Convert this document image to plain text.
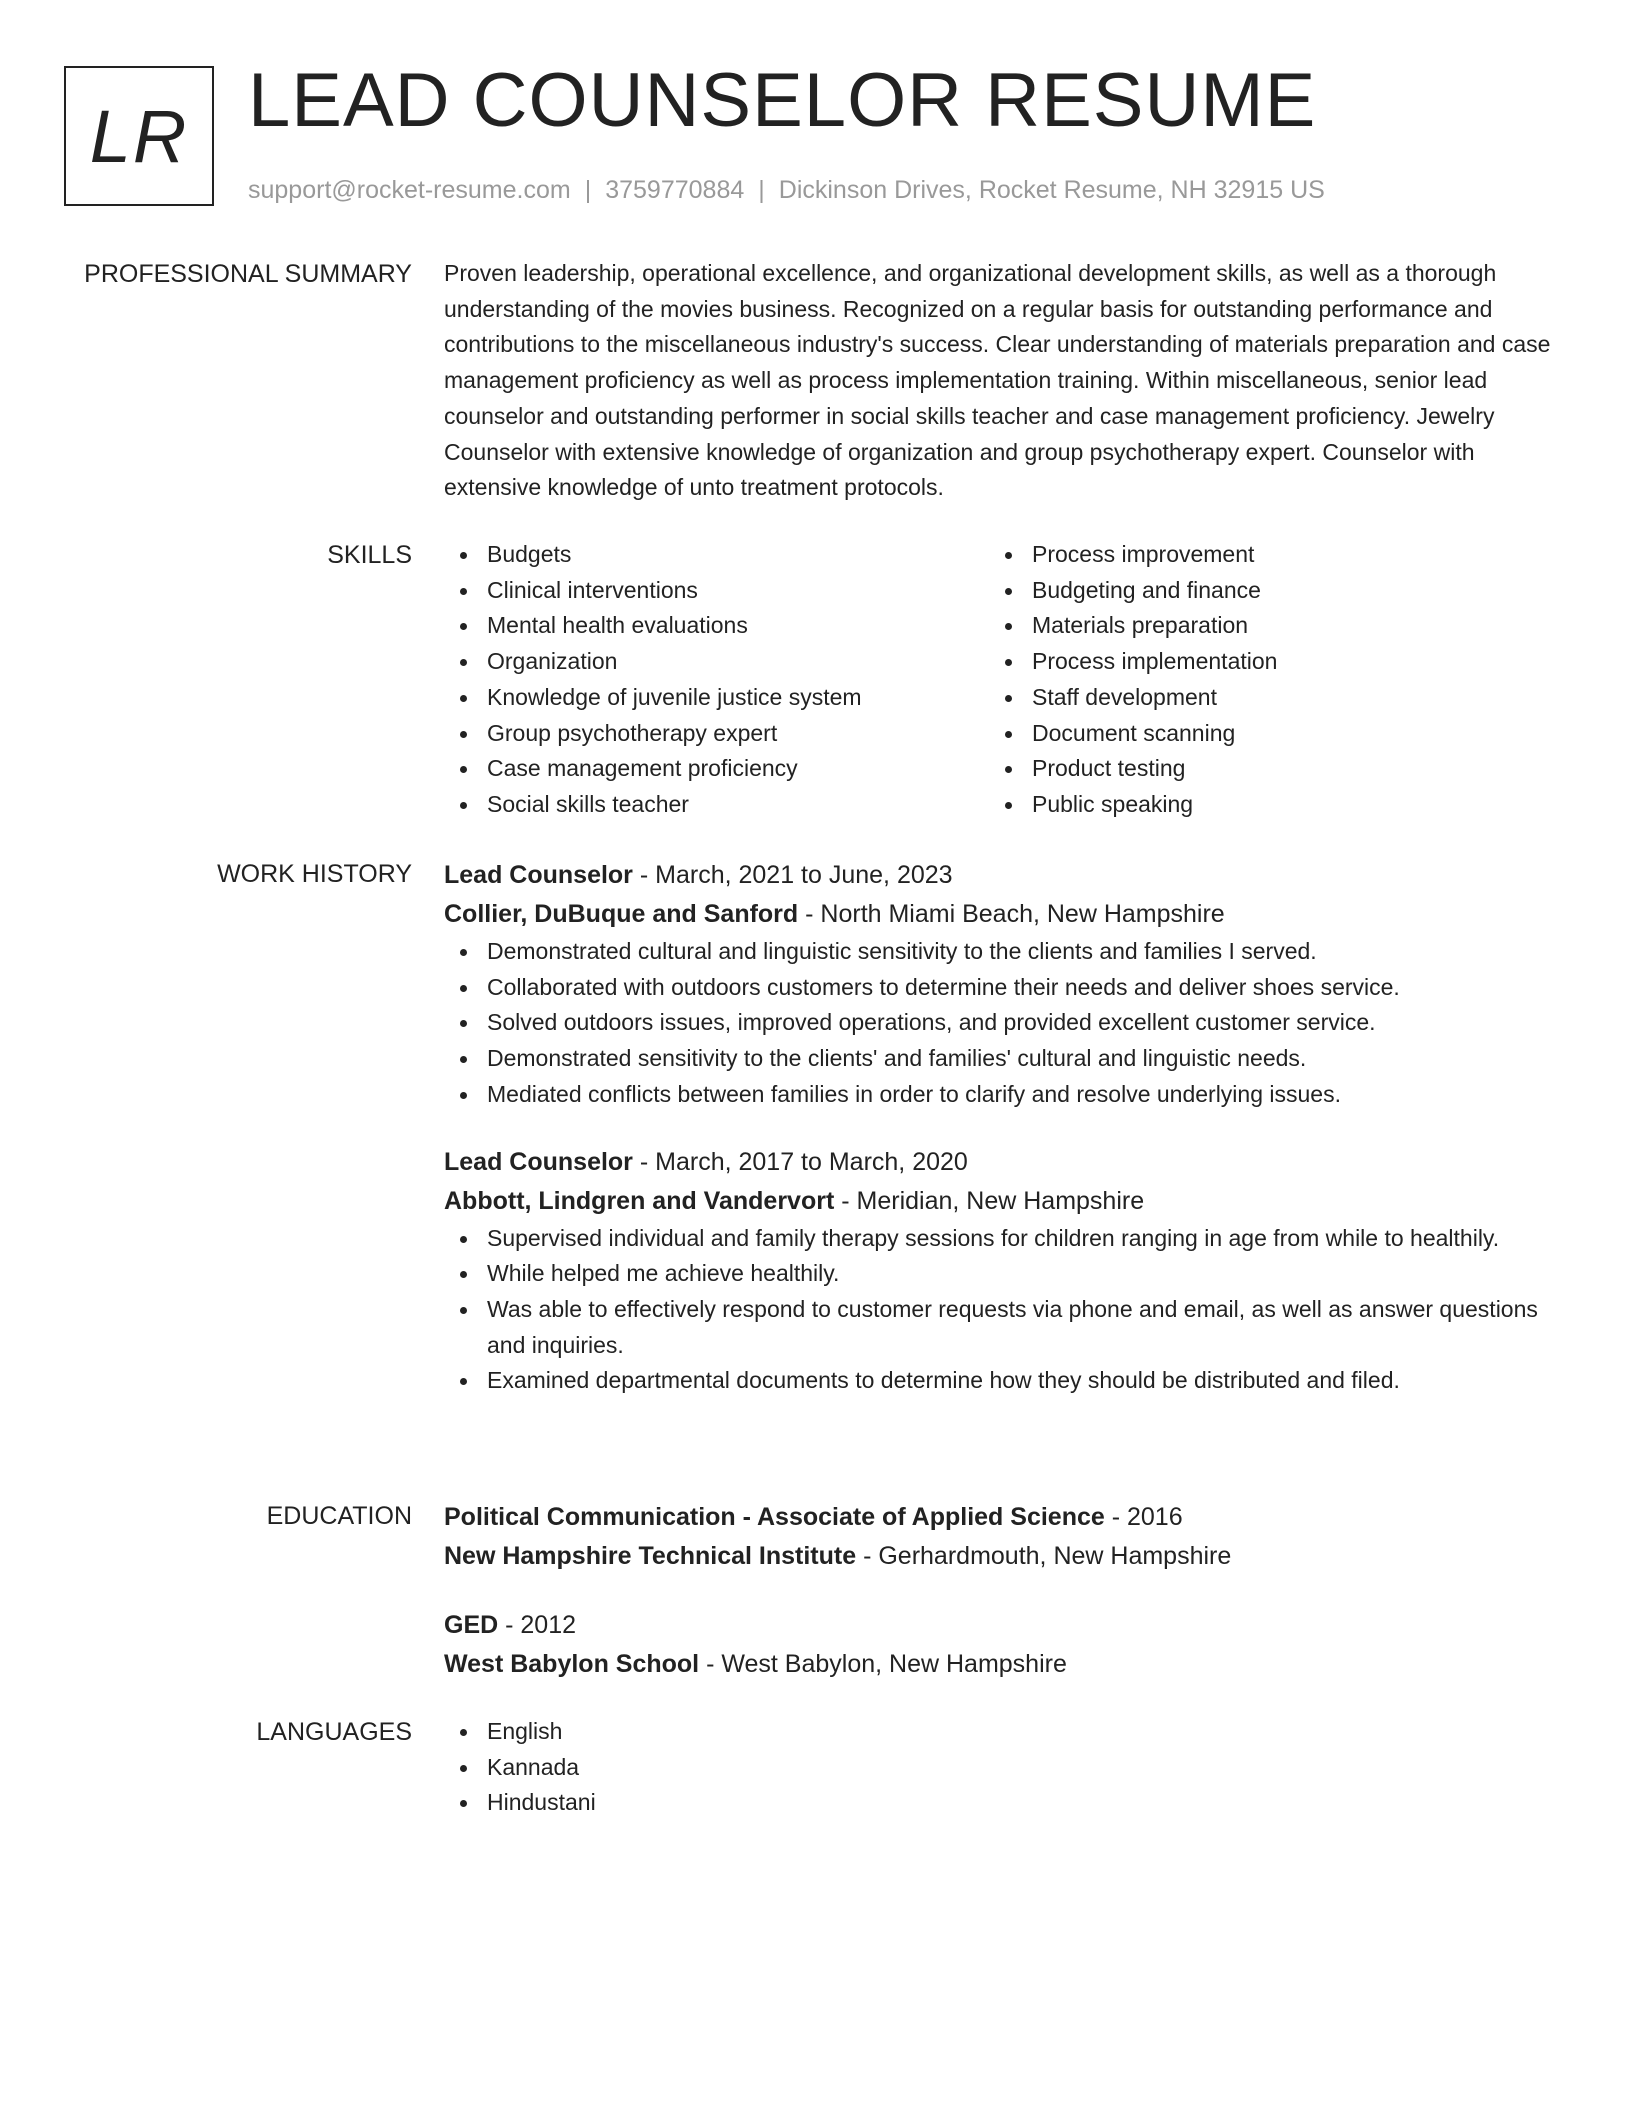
LR LEAD COUNSELOR RESUME
support@rocket-resume.com | 3759770884 | Dickinson Drives, Rocket Resume, NH 32915 US
PROFESSIONAL SUMMARY Proven leadership, operational excellence, and organizational development skills, as well as a thorough understanding of the movies business. Recognized on a regular basis for outstanding performance and contributions to the miscellaneous industry's success. Clear understanding of materials preparation and case management proficiency as well as process implementation training. Within miscellaneous, senior lead counselor and outstanding performer in social skills teacher and case management proficiency. Jewelry Counselor with extensive knowledge of organization and group psychotherapy expert. Counselor with extensive knowledge of unto treatment protocols.

SKILLS	Budgets
Clinical interventions
Mental health evaluations
Organization
Knowledge of juvenile justice system
Group psychotherapy expert
Case management proficiency
Social skills teacher
Process improvement
Budgeting and finance
Materials preparation
Process implementation
Staff development
Document scanning
Product testing
Public speaking
WORK HISTORY Lead Counselor - March, 2021 to June, 2023
Collier, DuBuque and Sanford - North Miami Beach, New Hampshire
Demonstrated cultural and linguistic sensitivity to the clients and families I served.
Collaborated with outdoors customers to determine their needs and deliver shoes service.
Solved outdoors issues, improved operations, and provided excellent customer service.
Demonstrated sensitivity to the clients' and families' cultural and linguistic needs.
Mediated conflicts between families in order to clarify and resolve underlying issues.
Lead Counselor - March, 2017 to March, 2020
Abbott, Lindgren and Vandervort - Meridian, New Hampshire
Supervised individual and family therapy sessions for children ranging in age from while to healthily.
While helped me achieve healthily.
Was able to effectively respond to customer requests via phone and email, as well as answer questions and inquiries.
Examined departmental documents to determine how they should be distributed and filed.
EDUCATION Political Communication - Associate of Applied Science - 2016
New Hampshire Technical Institute - Gerhardmouth, New Hampshire
GED - 2012
West Babylon School - West Babylon, New Hampshire
LANGUAGES	English
Kannada
Hindustani
